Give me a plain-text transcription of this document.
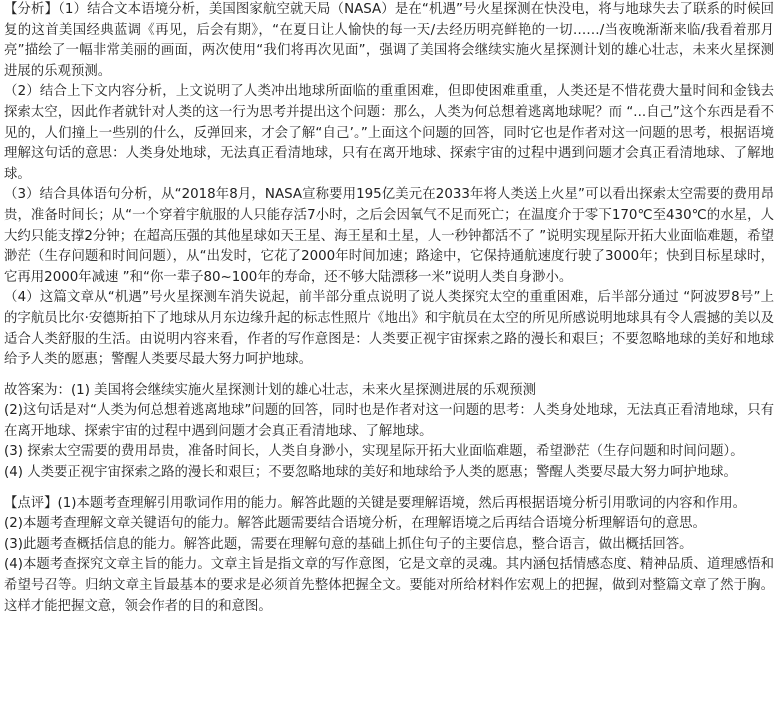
【分析】（1）结合文本语境分析，美国图家航空就天局（NASA）是在“机遇”号火星探测在快没电，将与地球失去了联系的时候回复的这首美国经典蓝调《再见，后会有期》，“在夏日让人愉快的每一天/去经历明亮鲜艳的一切……/当夜晚渐渐来临/我看着那月亮”描绘了一幅非常美丽的画面，两次使用“我们将再次见面”，强调了美国将会继续实施火星探测计划的雄心壮志，未来火星探测进展的乐观预测。

（2）结合上下文内容分析，上文说明了人类冲出地球所面临的重重困难，但即使困难重重，人类还是不惜花费大量时间和金钱去探索太空，因此作者就针对人类的这一行为思考并提出这个问题：那么，人类为何总想着逃离地球呢？而 “...自己”这个东西是看不见的，人们撞上一些别的什么，反弹回来，才会了解“自己’。”上面这个问题的回答，同时它也是作者对这一问题的思考，根据语境理解这句话的意思：人类身处地球，无法真正看清地球，只有在离开地球、探索宇宙的过程中遇到问题才会真正看清地球、了解地球。

（3）结合具体语句分析，从“2018年8月，NASA宣称要用195亿美元在2033年将人类送上火星”可以看出探索太空需要的费用昂贵，准备时间长；从“一个穿着宇航服的人只能存活7小时，之后会因氧气不足而死亡；在温度介于零下170℃至430℃的水星，人大约只能支撑2分钟；在超高压强的其他星球如天王星、海王星和土星，人一秒钟都活不了 ”说明实现星际开拓大业面临难题，希望渺茫（生存问题和时间问题），从“出发时，它花了2000年时间加速；路途中，它保持通航速度行驶了3000年；快到目标星球时，它再用2000年减速 ”和“你一辈子80~100年的寿命，还不够大陆漂移一米”说明人类自身渺小。

（4）这篇文章从“机遇”号火星探测车消失说起，前半部分重点说明了说人类探究太空的重重困难，后半部分通过 “阿波罗8号”上的字航员比尔·安德斯拍下了地球从月东边缘升起的标志性照片《地出》和宇航员在太空的所见所感说明地球具有令人震撼的美以及适合人类舒服的生活。由说明内容来看，作者的写作意图是：人类要正视宇宙探索之路的漫长和艰巨；不要忽略地球的美好和地球给予人类的愿惠；警醒人类要尽最大努力呵护地球。

故答案为：(1) 美国将会继续实施火星探测计划的雄心壮志，未来火星探测进展的乐观预测

(2)这句话是对“人类为何总想着逃离地球”问题的回答，同时也是作者对这一问题的思考：人类身处地球，无法真正看清地球，只有在离开地球、探索宇宙的过程中遇到问题才会真正看清地球、了解地球。

(3) 探索太空需要的费用昂贵，准备时间长，人类自身渺小，实现星际开拓大业面临难题，希望渺茫（生存问题和时间问题）。

(4) 人类要正视宇宙探索之路的漫长和艰巨；不要忽略地球的美好和地球给予人类的愿惠；警醒人类要尽最大努力呵护地球。

【点评】(1)本题考查理解引用歌词作用的能力。解答此题的关键是要理解语境，然后再根据语境分析引用歌词的内容和作用。

(2)本题考查理解文章关键语句的能力。解答此题需要结合语境分析，在理解语境之后再结合语境分析理解语句的意思。

(3)此题考查概括信息的能力。解答此题，需要在理解句意的基础上抓住句子的主要信息，整合语言，做出概括回答。

(4)本题考查探究文章主旨的能力。文章主旨是指文章的写作意图，它是文章的灵魂。其内涵包括情感态度、精神品质、道理感悟和希望号召等。归纳文章主旨最基本的要求是必须首先整体把握全文。要能对所给材料作宏观上的把握，做到对整篇文章了然于胸。这样才能把握文意，领会作者的目的和意图。
